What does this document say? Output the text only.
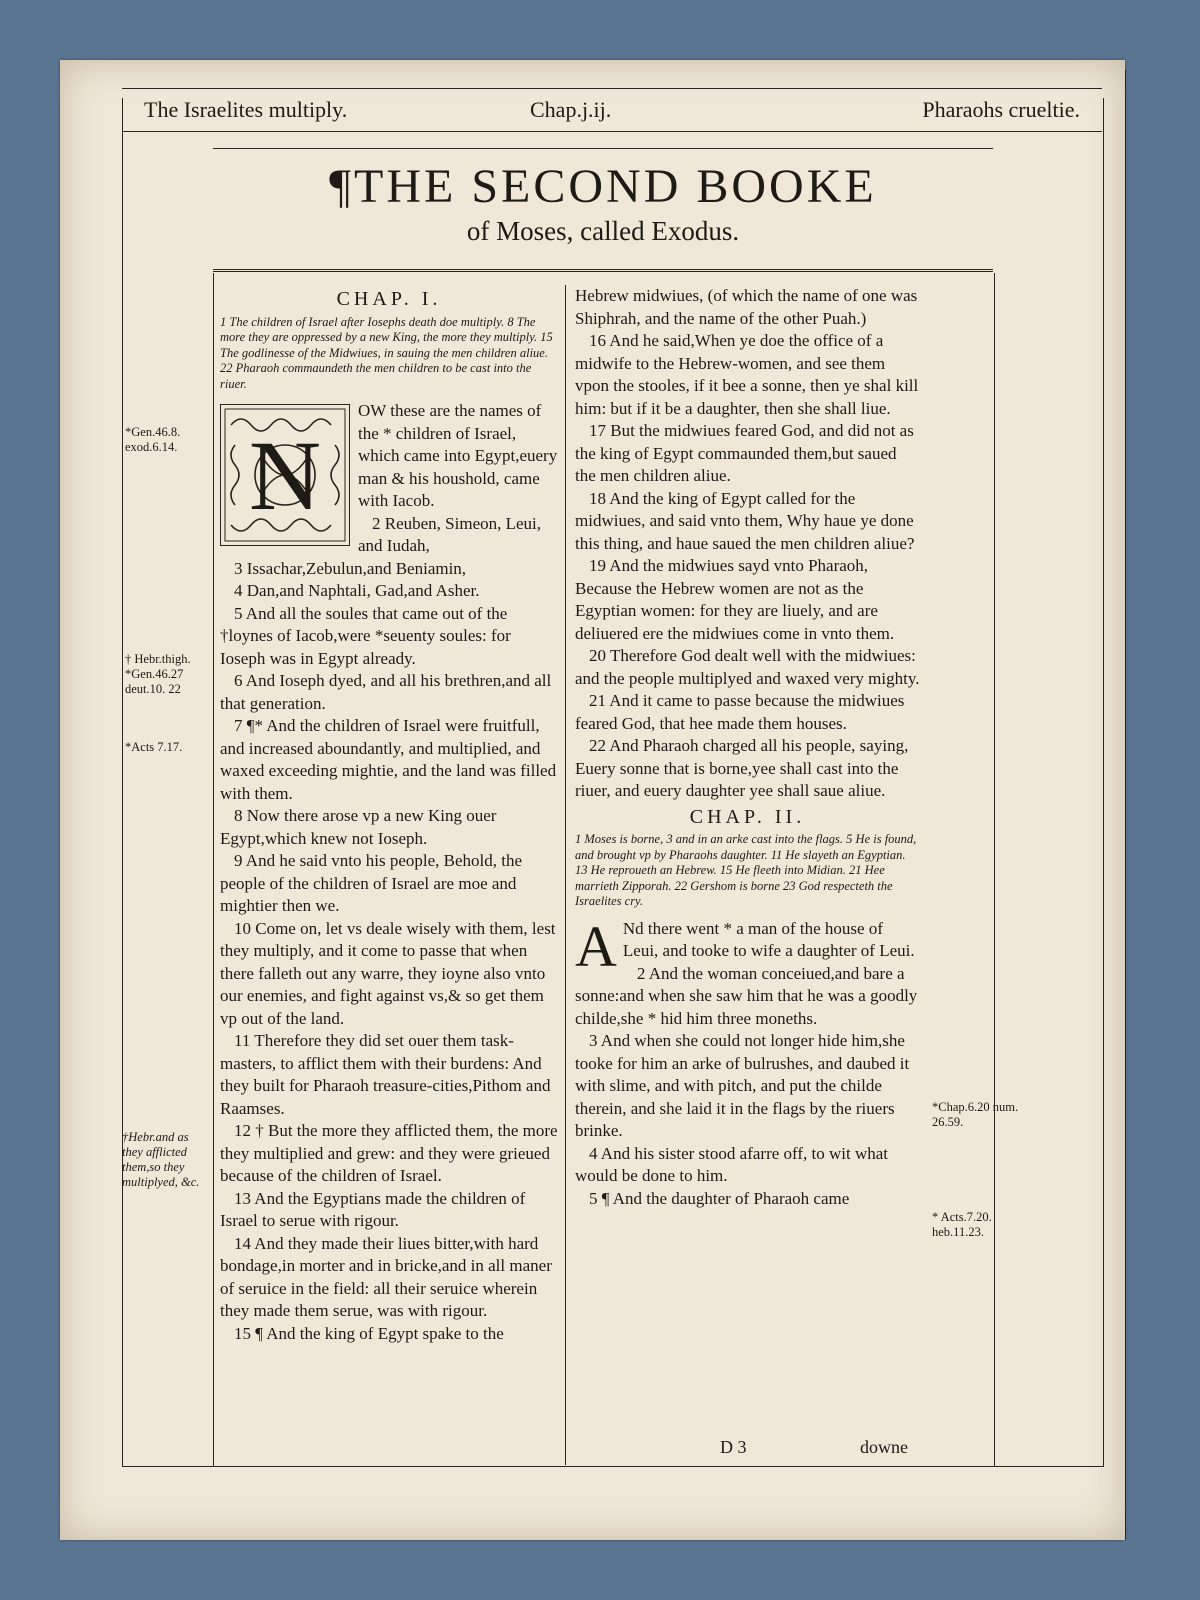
The Israelites multiply.	Chap.j.ij.	Pharaohs crueltie.
¶THE SECOND BOOKE
of Moses, called Exodus.
CHAP. I.
1 The children of Israel after Iosephs death doe multiply. 8 The more they are oppressed by a new King, the more they multiply. 15 The godlinesse of the Midwiues, in sauing the men children aliue. 22 Pharaoh commaundeth the men children to be cast into the riuer.
N

OW these are the names of the * children of Israel, which came into Egypt,euery man & his houshold, came with Iacob.

2 Reuben, Simeon, Leui, and Iudah,

3 Issachar,Zebulun,and Beniamin,

4 Dan,and Naphtali, Gad,and Asher.

5 And all the soules that came out of the †loynes of Iacob,were *seuenty soules: for Ioseph was in Egypt already.

6 And Ioseph dyed, and all his brethren,and all that generation.

7 ¶* And the children of Israel were fruitfull, and increased aboundantly, and multiplied, and waxed exceeding mightie, and the land was filled with them.

8 Now there arose vp a new King ouer Egypt,which knew not Ioseph.

9 And he said vnto his people, Behold, the people of the children of Israel are moe and mightier then we.

10 Come on, let vs deale wisely with them, lest they multiply, and it come to passe that when there falleth out any warre, they ioyne also vnto our enemies, and fight against vs,& so get them vp out of the land.

11 Therefore they did set ouer them task-masters, to afflict them with their burdens: And they built for Pharaoh treasure-cities,Pithom and Raamses.

12 † But the more they afflicted them, the more they multiplied and grew: and they were grieued because of the children of Israel.

13 And the Egyptians made the children of Israel to serue with rigour.

14 And they made their liues bitter,with hard bondage,in morter and in bricke,and in all maner of seruice in the field: all their seruice wherein they made them serue, was with rigour.

15 ¶ And the king of Egypt spake to the

Hebrew midwiues, (of which the name of one was Shiphrah, and the name of the other Puah.)

16 And he said,When ye doe the office of a midwife to the Hebrew-women, and see them vpon the stooles, if it bee a sonne, then ye shal kill him: but if it be a daughter, then she shall liue.

17 But the midwiues feared God, and did not as the king of Egypt commaunded them,but saued the men children aliue.

18 And the king of Egypt called for the midwiues, and said vnto them, Why haue ye done this thing, and haue saued the men children aliue?

19 And the midwiues sayd vnto Pharaoh, Because the Hebrew women are not as the Egyptian women: for they are liuely, and are deliuered ere the midwiues come in vnto them.

20 Therefore God dealt well with the midwiues: and the people multiplyed and waxed very mighty.

21 And it came to passe because the midwiues feared God, that hee made them houses.

22 And Pharaoh charged all his people, saying, Euery sonne that is borne,yee shall cast into the riuer, and euery daughter yee shall saue aliue.

CHAP. II.
1 Moses is borne, 3 and in an arke cast into the flags. 5 He is found, and brought vp by Pharaohs daughter. 11 He slayeth an Egyptian. 13 He reproueth an Hebrew. 15 He fleeth into Midian. 21 Hee marrieth Zipporah. 22 Gershom is borne 23 God respecteth the Israelites cry.
A Nd there went * a man of the house of Leui, and tooke to wife a daughter of Leui.

2 And the woman conceiued,and bare a sonne:and when she saw him that he was a goodly childe,she * hid him three moneths.

3 And when she could not longer hide him,she tooke for him an arke of bulrushes, and daubed it with slime, and with pitch, and put the childe therein, and she laid it in the flags by the riuers brinke.

4 And his sister stood afarre off, to wit what would be done to him.

5 ¶ And the daughter of Pharaoh came

*Gen.46.8. exod.6.14.
† Hebr.thigh. *Gen.46.27 deut.10. 22
*Acts 7.17.
†Hebr.and as they afflicted them,so they multiplyed, &c.
*Chap.6.20 num. 26.59.
* Acts.7.20. heb.11.23.
D 3	downe
